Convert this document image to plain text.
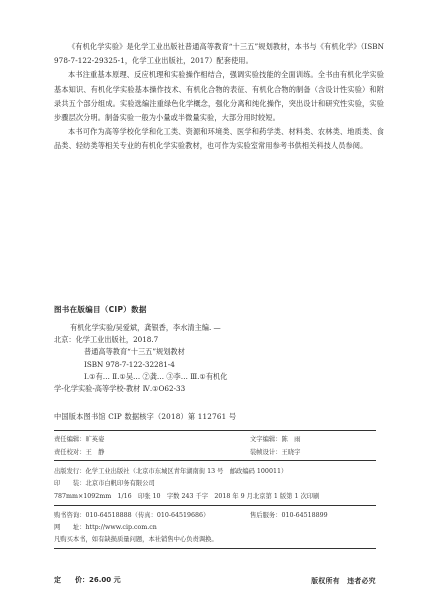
《有机化学实验》是化学工业出版社普通高等教育“十三五”规划教材，本书与《有机化学》（ISBN 978-7-122-29325-1，化学工业出版社，2017）配套使用。

本书注重基本原理、反应机理和实验操作相结合，强调实验技能的全面训练。全书由有机化学实验基本知识、有机化学实验基本操作技术、有机化合物的表征、有机化合物的制备（含设计性实验）和附录共五个部分组成。实验选编注重绿色化学概念，强化分离和纯化操作，突出设计和研究性实验，实验步骤层次分明。制备实验一般为小量或半微量实验，大部分用时较短。

本书可作为高等学校化学和化工类、资源和环境类、医学和药学类、材料类、农林类、地质类、食品类、轻纺类等相关专业的有机化学实验教材，也可作为实验室常用参考书供相关科技人员参阅。

图书在版编目（CIP）数据
有机化学实验/吴爱斌，龚银香，李水清主编. —
北京：化学工业出版社，2018.7
普通高等教育“十三五”规划教材
ISBN 978-7-122-32281-4
Ⅰ.①有… Ⅱ.①吴… ②龚… ③李… Ⅲ.①有机化
学-化学实验-高等学校-教材 Ⅳ.①O62-33
中国版本图书馆 CIP 数据核字（2018）第 112761 号
责任编辑：旷英姿	文字编辑：陈　雨
责任校对：王　静	装帧设计：王晓宇
出版发行：化学工业出版社（北京市东城区青年湖南街 13 号　邮政编码 100011）
印　　装：北京市白帆印务有限公司
787mm×1092mm　1/16　印张 10　字数 243 千字　2018 年 9 月北京第 1 版第 1 次印刷
购书咨询：010-64518888（传真：010-64519686）	售后服务：010-64518899
网　　址：http://www.cip.com.cn
凡购买本书，如有缺损质量问题，本社销售中心负责调换。
定　　价：26.00 元	版权所有　违者必究
